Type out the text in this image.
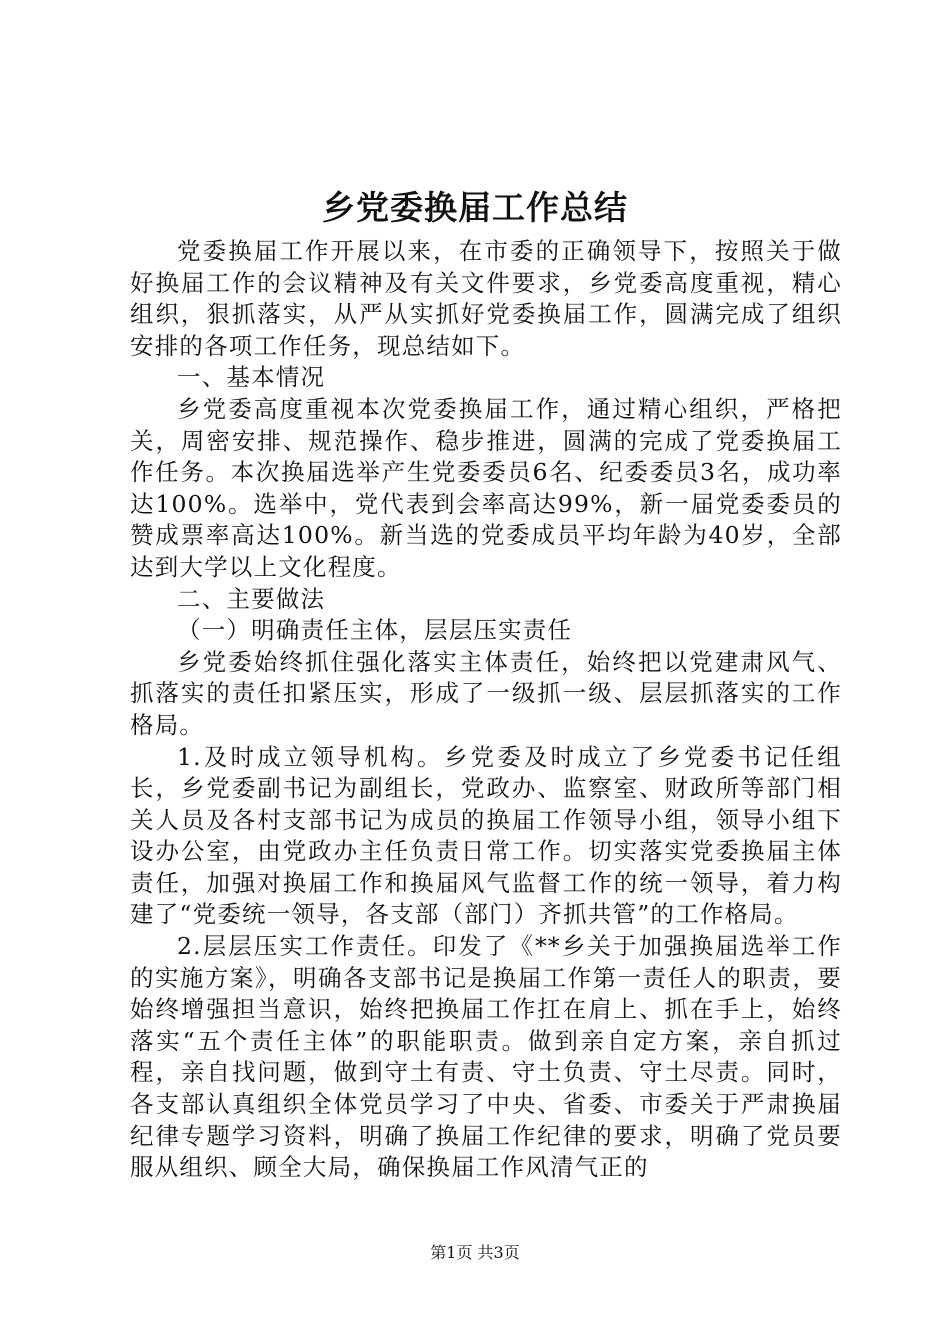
乡党委换届工作总结

党委换届工作开展以来，在市委的正确领导下，按照关于做好换届工作的会议精神及有关文件要求，乡党委高度重视，精心组织，狠抓落实，从严从实抓好党委换届工作，圆满完成了组织安排的各项工作任务，现总结如下。

一、基本情况

乡党委高度重视本次党委换届工作，通过精心组织，严格把关，周密安排、规范操作、稳步推进，圆满的完成了党委换届工作任务。本次换届选举产生党委委员6名、纪委委员3名，成功率达100%。选举中，党代表到会率高达99%，新一届党委委员的赞成票率高达100%。新当选的党委成员平均年龄为40岁，全部达到大学以上文化程度。

二、主要做法

（一）明确责任主体，层层压实责任

乡党委始终抓住强化落实主体责任，始终把以党建肃风气、抓落实的责任扣紧压实，形成了一级抓一级、层层抓落实的工作格局。

1.及时成立领导机构。乡党委及时成立了乡党委书记任组长，乡党委副书记为副组长，党政办、监察室、财政所等部门相关人员及各村支部书记为成员的换届工作领导小组，领导小组下设办公室，由党政办主任负责日常工作。切实落实党委换届主体责任，加强对换届工作和换届风气监督工作的统一领导，着力构建了“党委统一领导，各支部（部门）齐抓共管”的工作格局。

2.层层压实工作责任。印发了《**乡关于加强换届选举工作的实施方案》，明确各支部书记是换届工作第一责任人的职责，要始终增强担当意识，始终把换届工作扛在肩上、抓在手上，始终落实“五个责任主体”的职能职责。做到亲自定方案，亲自抓过程，亲自找问题，做到守土有责、守土负责、守土尽责。同时，各支部认真组织全体党员学习了中央、省委、市委关于严肃换届纪律专题学习资料，明确了换届工作纪律的要求，明确了党员要服从组织、顾全大局，确保换届工作风清气正的

第1页 共3页
